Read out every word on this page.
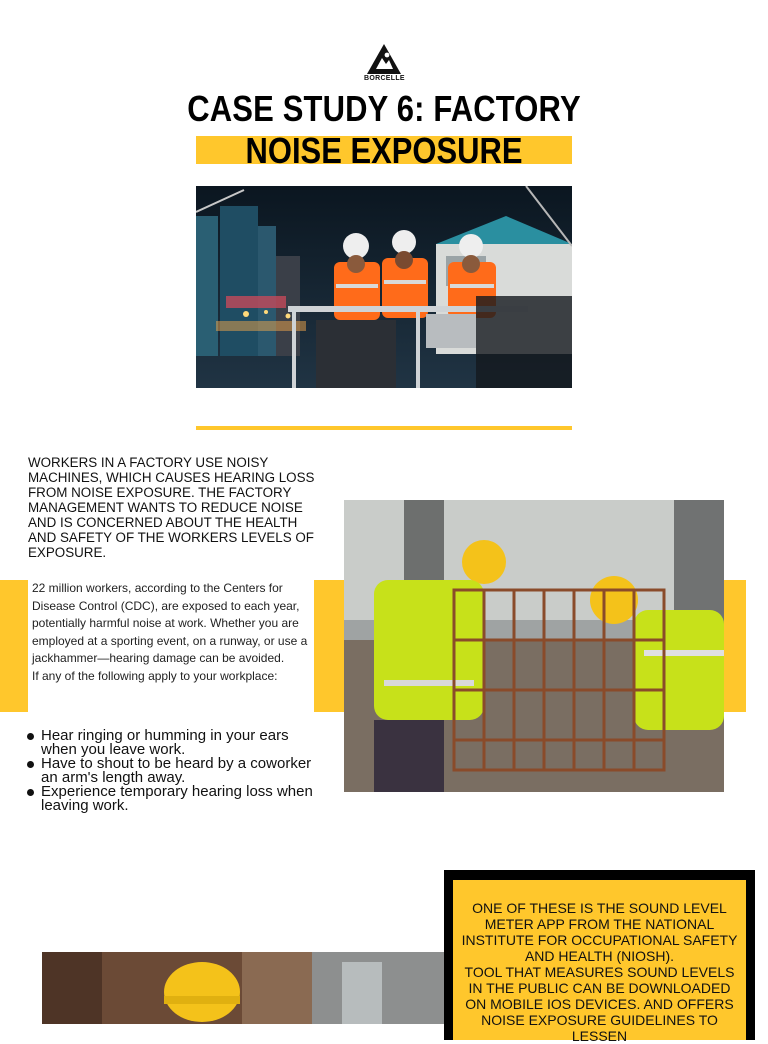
BORCELLE
CASE STUDY 6: FACTORY
NOISE EXPOSURE
WORKERS IN A FACTORY USE NOISY MACHINES, WHICH CAUSES HEARING LOSS FROM NOISE EXPOSURE. THE FACTORY MANAGEMENT WANTS TO REDUCE NOISE AND IS CONCERNED ABOUT THE HEALTH AND SAFETY OF THE WORKERS LEVELS OF EXPOSURE.

22 million workers, according to the Centers for Disease Control (CDC), are exposed to each year, potentially harmful noise at work. Whether you are employed at a sporting event, on a runway, or use a jackhammer—hearing damage can be avoided.

If any of the following apply to your workplace:

Hear ringing or humming in your ears when you leave work.
Have to shout to be heard by a coworker an arm's length away.
Experience temporary hearing loss when leaving work.
ONE OF THESE IS THE SOUND LEVEL METER APP FROM THE NATIONAL INSTITUTE FOR OCCUPATIONAL SAFETY AND HEALTH (NIOSH).
TOOL THAT MEASURES SOUND LEVELS IN THE PUBLIC CAN BE DOWNLOADED ON MOBILE IOS DEVICES. AND OFFERS NOISE EXPOSURE GUIDELINES TO LESSEN
